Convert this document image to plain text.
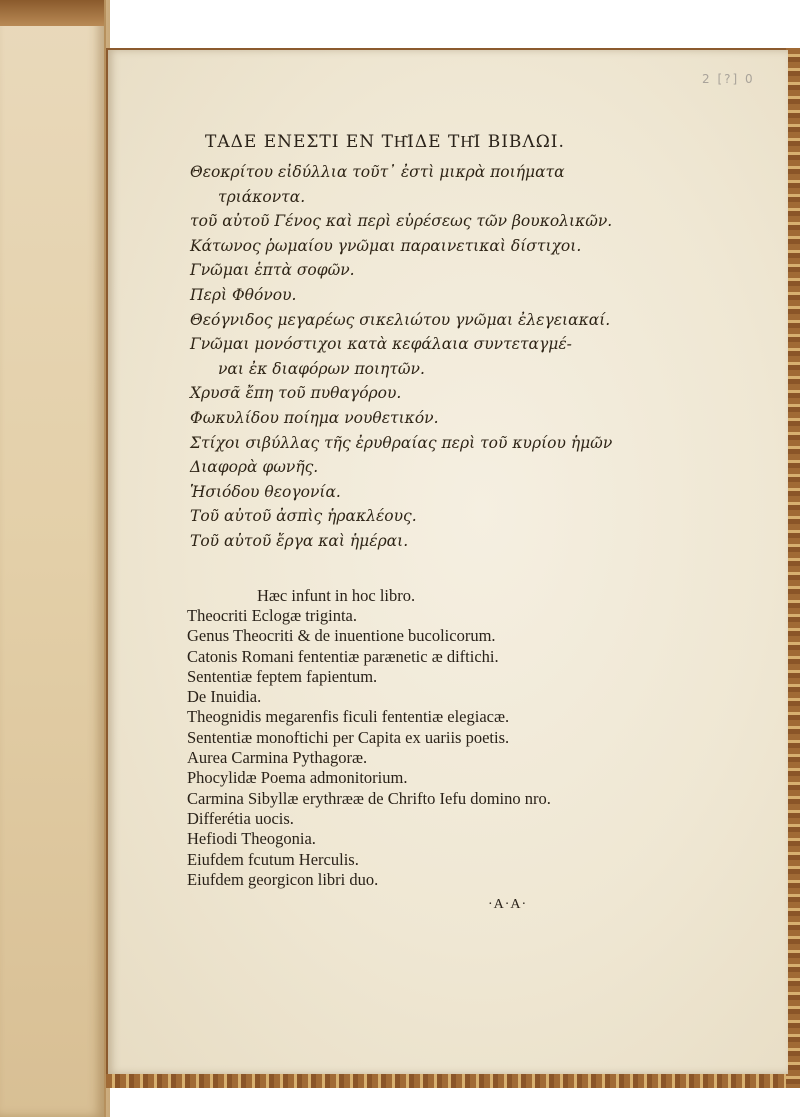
2 [?] 0
ΤΑΔΕ ΕΝΕΣΤΙ ΕΝ ΤΗ͂ΙΔΕ ΤΗ͂Ι ΒΙΒΛΩΙ.
Θεοκρίτου εἰδύλλια τοῦτ᾽ ἐστὶ μικρὰ ποιήματα
τριάκοντα.
τοῦ αὐτοῦ Γένος καὶ περὶ εὑρέσεως τῶν βουκολικῶν.
Κάτωνος ῥωμαίου γνῶμαι παραινετικαὶ δίστιχοι.
Γνῶμαι ἑπτὰ σοφῶν.
Περὶ Φθόνου.
Θεόγνιδος μεγαρέως σικελιώτου γνῶμαι ἐλεγειακαί.
Γνῶμαι μονόστιχοι κατὰ κεφάλαια συντεταγμέ-
ναι ἐκ διαφόρων ποιητῶν.
Χρυσᾶ ἔπη τοῦ πυθαγόρου.
Φωκυλίδου ποίημα νουθετικόν.
Στίχοι σιβύλλας τῆς ἐρυθραίας περὶ τοῦ κυρίου ἡμῶν
Διαφορὰ φωνῆς.
Ἡσιόδου θεογονία.
Τοῦ αὐτοῦ ἀσπὶς ἡρακλέους.
Τοῦ αὐτοῦ ἔργα καὶ ἡμέραι.
Hæc infunt in hoc libro.
Theocriti Eclogæ triginta.
Genus Theocriti & de inuentione bucolicorum.
Catonis Romani fententiæ parænetic æ diftichi.
Sententiæ feptem fapientum.
De Inuidia.
Theognidis megarenfis ficuli fententiæ elegiacæ.
Sententiæ monoftichi per Capita ex uariis poetis.
Aurea Carmina Pythagoræ.
Phocylidæ Poema admonitorium.
Carmina Sibyllæ erythrææ de Chrifto Iefu domino nro.
Differétia uocis.
Hefiodi Theogonia.
Eiufdem fcutum Herculis.
Eiufdem georgicon libri duo.
·A·A·
